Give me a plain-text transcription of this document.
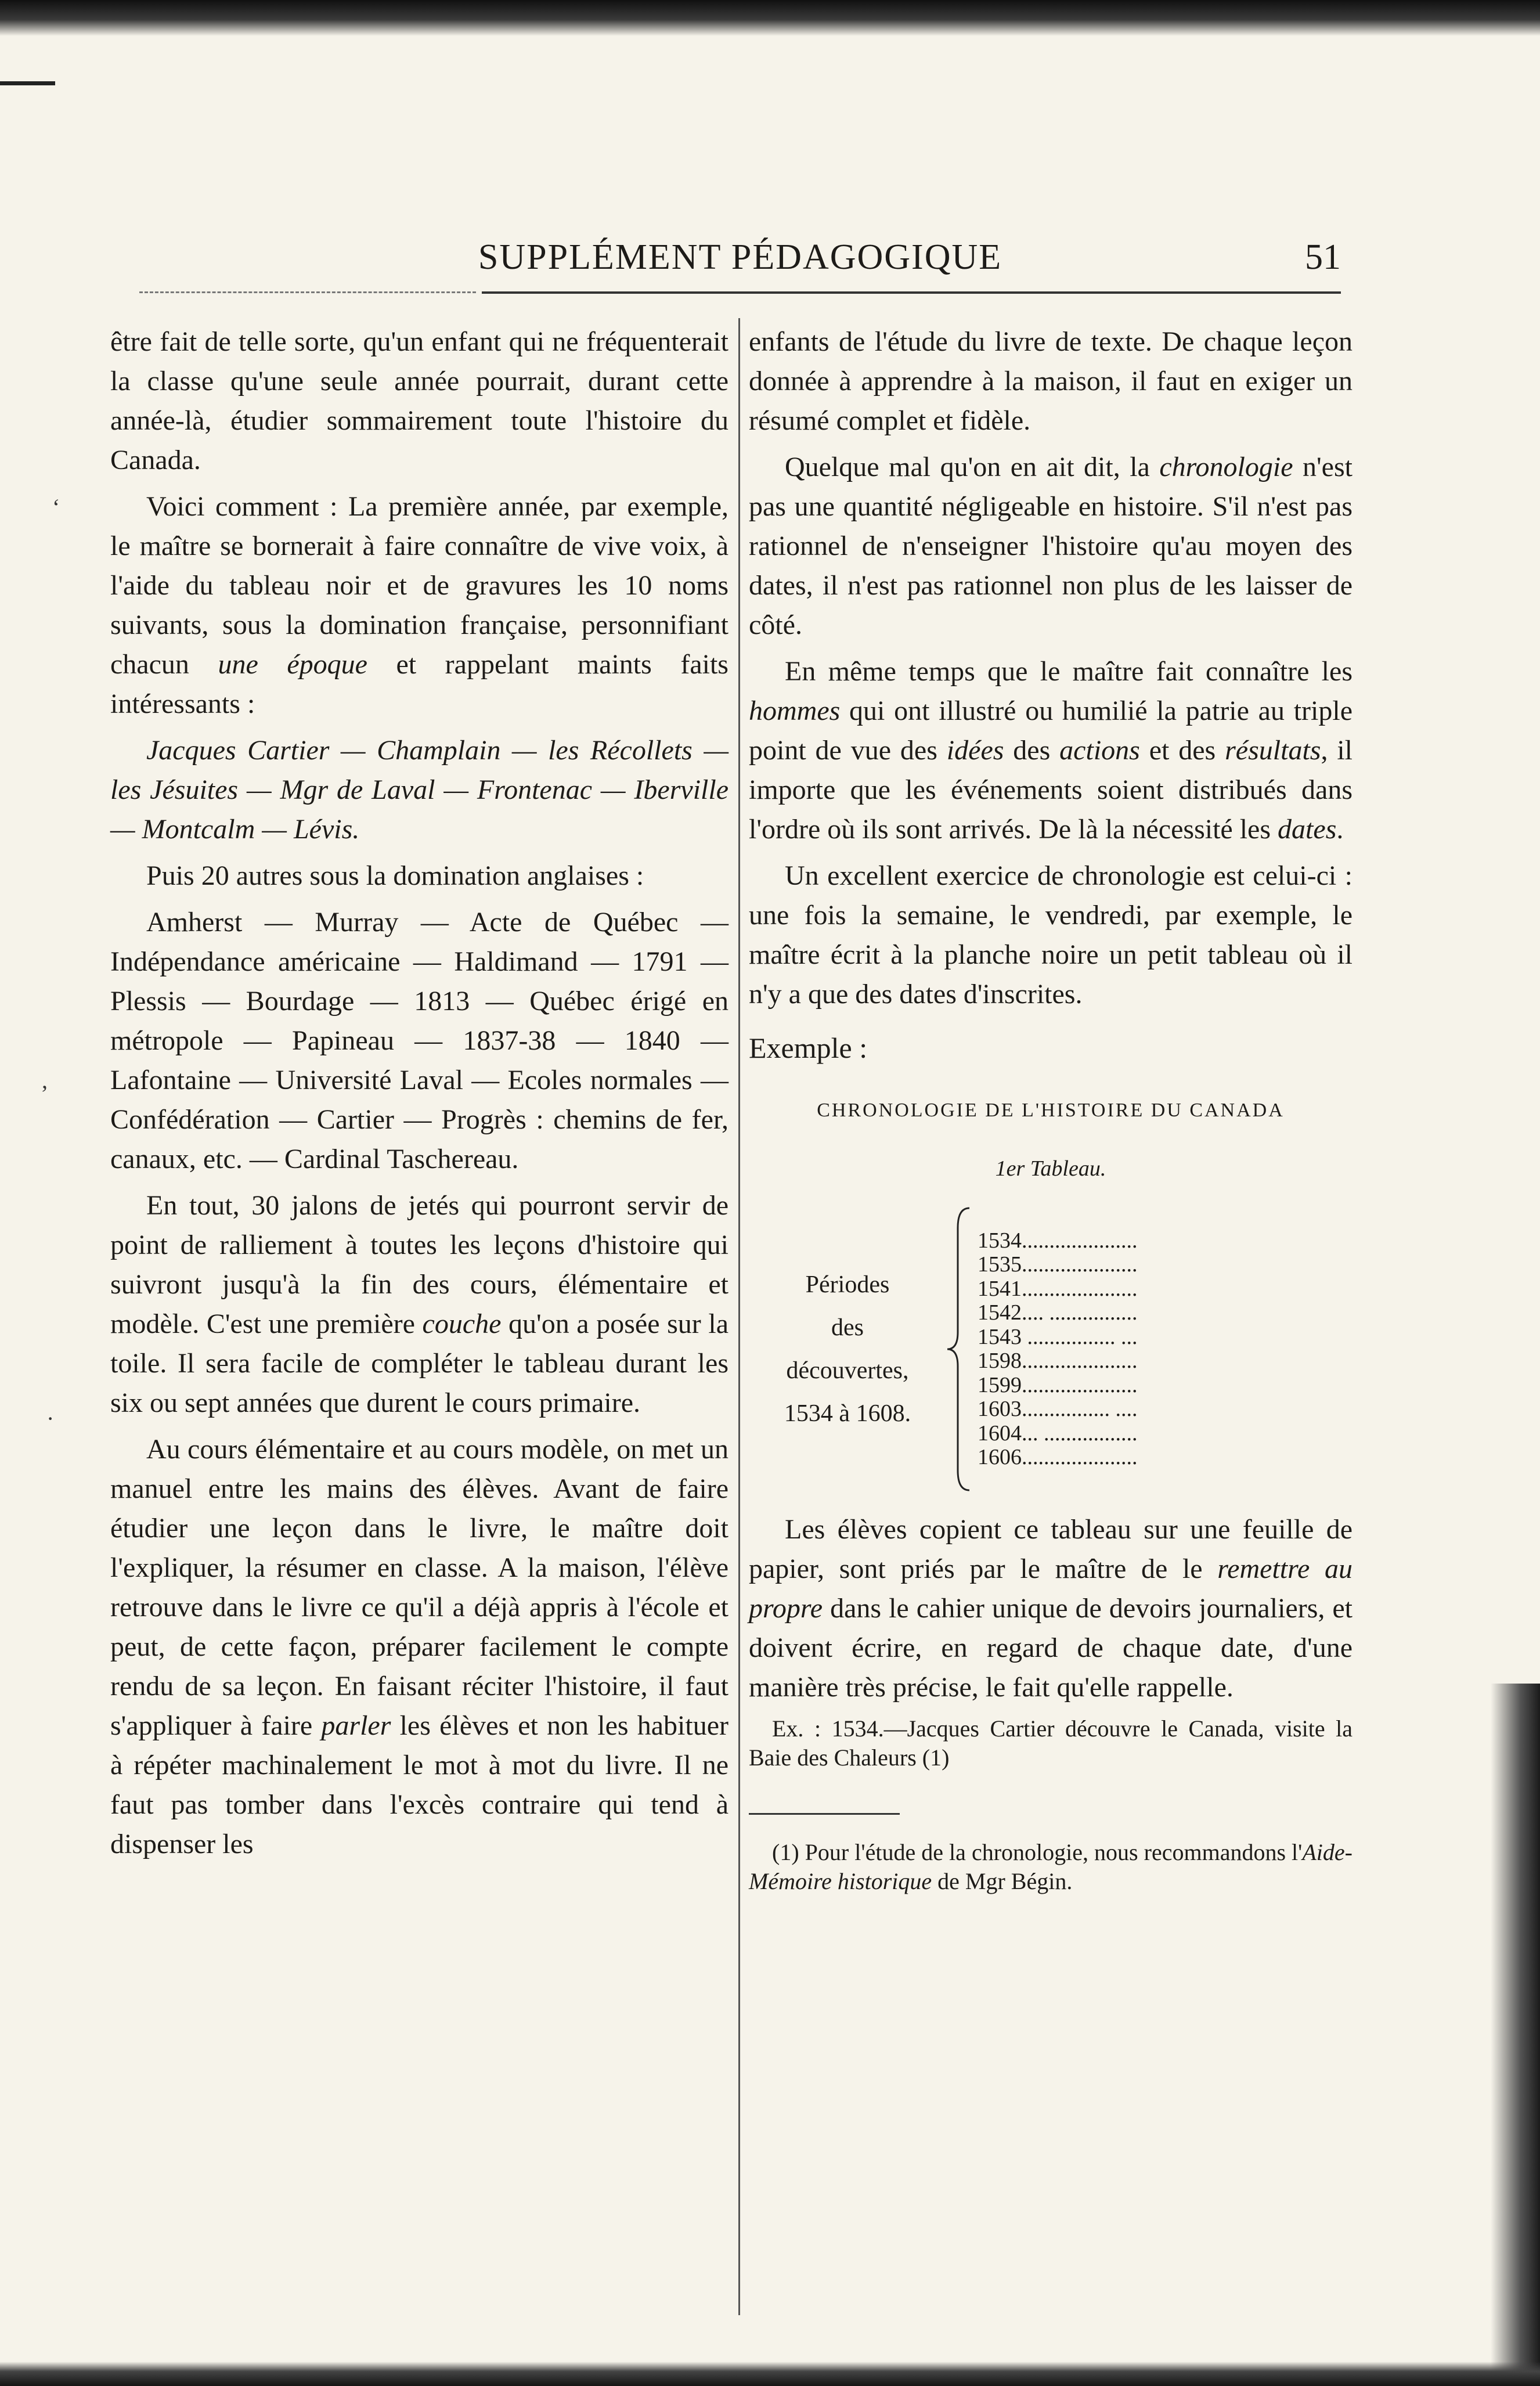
‘
’
·
SUPPLÉMENT PÉDAGOGIQUE	51

être fait de telle sorte, qu'un enfant qui ne fréquenterait la classe qu'une seule année pourrait, durant cette année-là, étudier sommairement toute l'histoire du Canada.

Voici comment : La première année, par exemple, le maître se bornerait à faire connaître de vive voix, à l'aide du tableau noir et de gravures les 10 noms suivants, sous la domination française, personnifiant chacun une époque et rappelant maints faits intéressants :

Jacques Cartier — Champlain — les Récollets — les Jésuites — Mgr de Laval — Frontenac — Iberville — Montcalm — Lévis.

Puis 20 autres sous la domination anglaises :

Amherst — Murray — Acte de Québec — Indépendance américaine — Haldimand — 1791 — Plessis — Bourdage — 1813 — Québec érigé en métropole — Papineau — 1837-38 — 1840 — Lafontaine — Université Laval — Ecoles normales — Confédération — Cartier — Progrès : chemins de fer, canaux, etc. — Cardinal Taschereau.

En tout, 30 jalons de jetés qui pourront servir de point de ralliement à toutes les leçons d'histoire qui suivront jusqu'à la fin des cours, élémentaire et modèle. C'est une première couche qu'on a posée sur la toile. Il sera facile de compléter le tableau durant les six ou sept années que durent le cours primaire.

Au cours élémentaire et au cours modèle, on met un manuel entre les mains des élèves. Avant de faire étudier une leçon dans le livre, le maître doit l'expliquer, la résumer en classe. A la maison, l'élève retrouve dans le livre ce qu'il a déjà appris à l'école et peut, de cette façon, préparer facilement le compte rendu de sa leçon. En faisant réciter l'histoire, il faut s'appliquer à faire parler les élèves et non les habituer à répéter machinalement le mot à mot du livre. Il ne faut pas tomber dans l'excès contraire qui tend à dispenser les

enfants de l'étude du livre de texte. De chaque leçon donnée à apprendre à la maison, il faut en exiger un résumé complet et fidèle.

Quelque mal qu'on en ait dit, la chronologie n'est pas une quantité négligeable en histoire. S'il n'est pas rationnel de n'enseigner l'histoire qu'au moyen des dates, il n'est pas rationnel non plus de les laisser de côté.

En même temps que le maître fait connaître les hommes qui ont illustré ou humilié la patrie au triple point de vue des idées des actions et des résultats, il importe que les événements soient distribués dans l'ordre où ils sont arrivés. De là la nécessité les dates.

Un excellent exercice de chronologie est celui-ci : une fois la semaine, le vendredi, par exemple, le maître écrit à la planche noire un petit tableau où il n'y a que des dates d'inscrites.

Exemple :
CHRONOLOGIE DE L'HISTOIRE DU CANADA
1er Tableau.
Périodes
des
découvertes,
1534 à 1608.
1534.....................
1535.....................
1541.....................
1542.... ................
1543 ................ ...
1598.....................
1599.....................
1603................ ....
1604... .................
1606.....................

Les élèves copient ce tableau sur une feuille de papier, sont priés par le maître de le remettre au propre dans le cahier unique de devoirs journaliers, et doivent écrire, en regard de chaque date, d'une manière très précise, le fait qu'elle rappelle.

Ex. : 1534.—Jacques Cartier découvre le Canada, visite la Baie des Chaleurs (1)

(1) Pour l'étude de la chronologie, nous recommandons l'Aide-Mémoire historique de Mgr Bégin.
